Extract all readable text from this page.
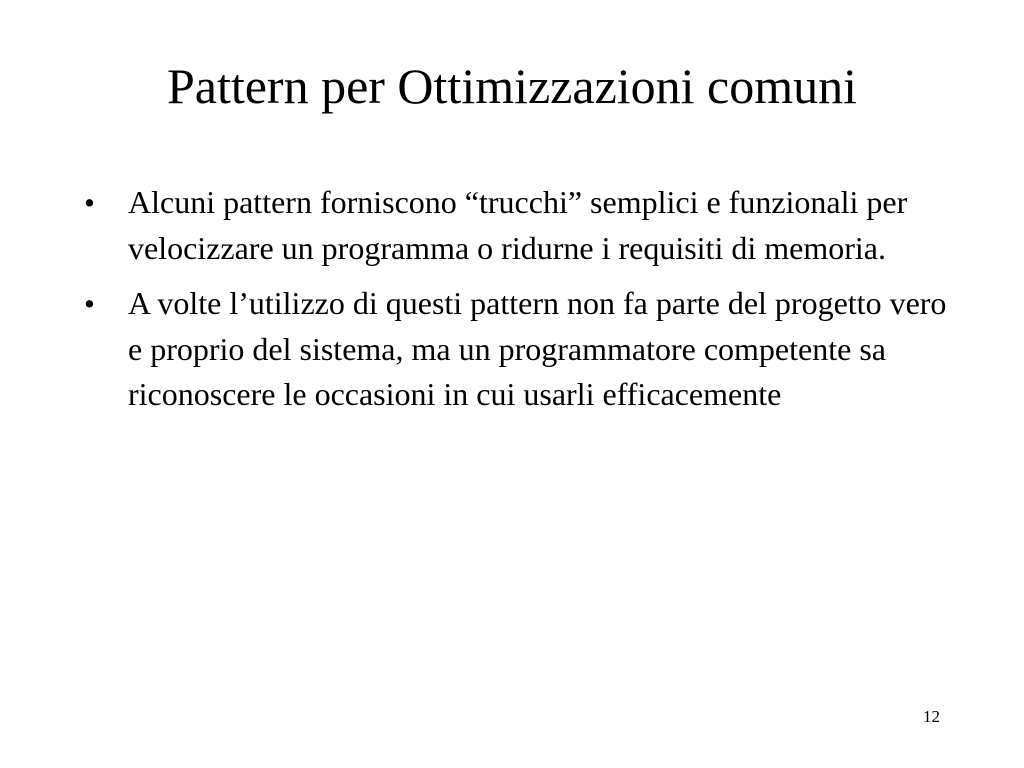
Pattern per Ottimizzazioni comuni
•	Alcuni pattern forniscono “trucchi” semplici e funzionali per velocizzare un programma o ridurne i requisiti di memoria.
•	A volte l’utilizzo di questi pattern non fa parte del progetto vero e proprio del sistema, ma un programmatore competente sa riconoscere le occasioni in cui usarli efficacemente
12
